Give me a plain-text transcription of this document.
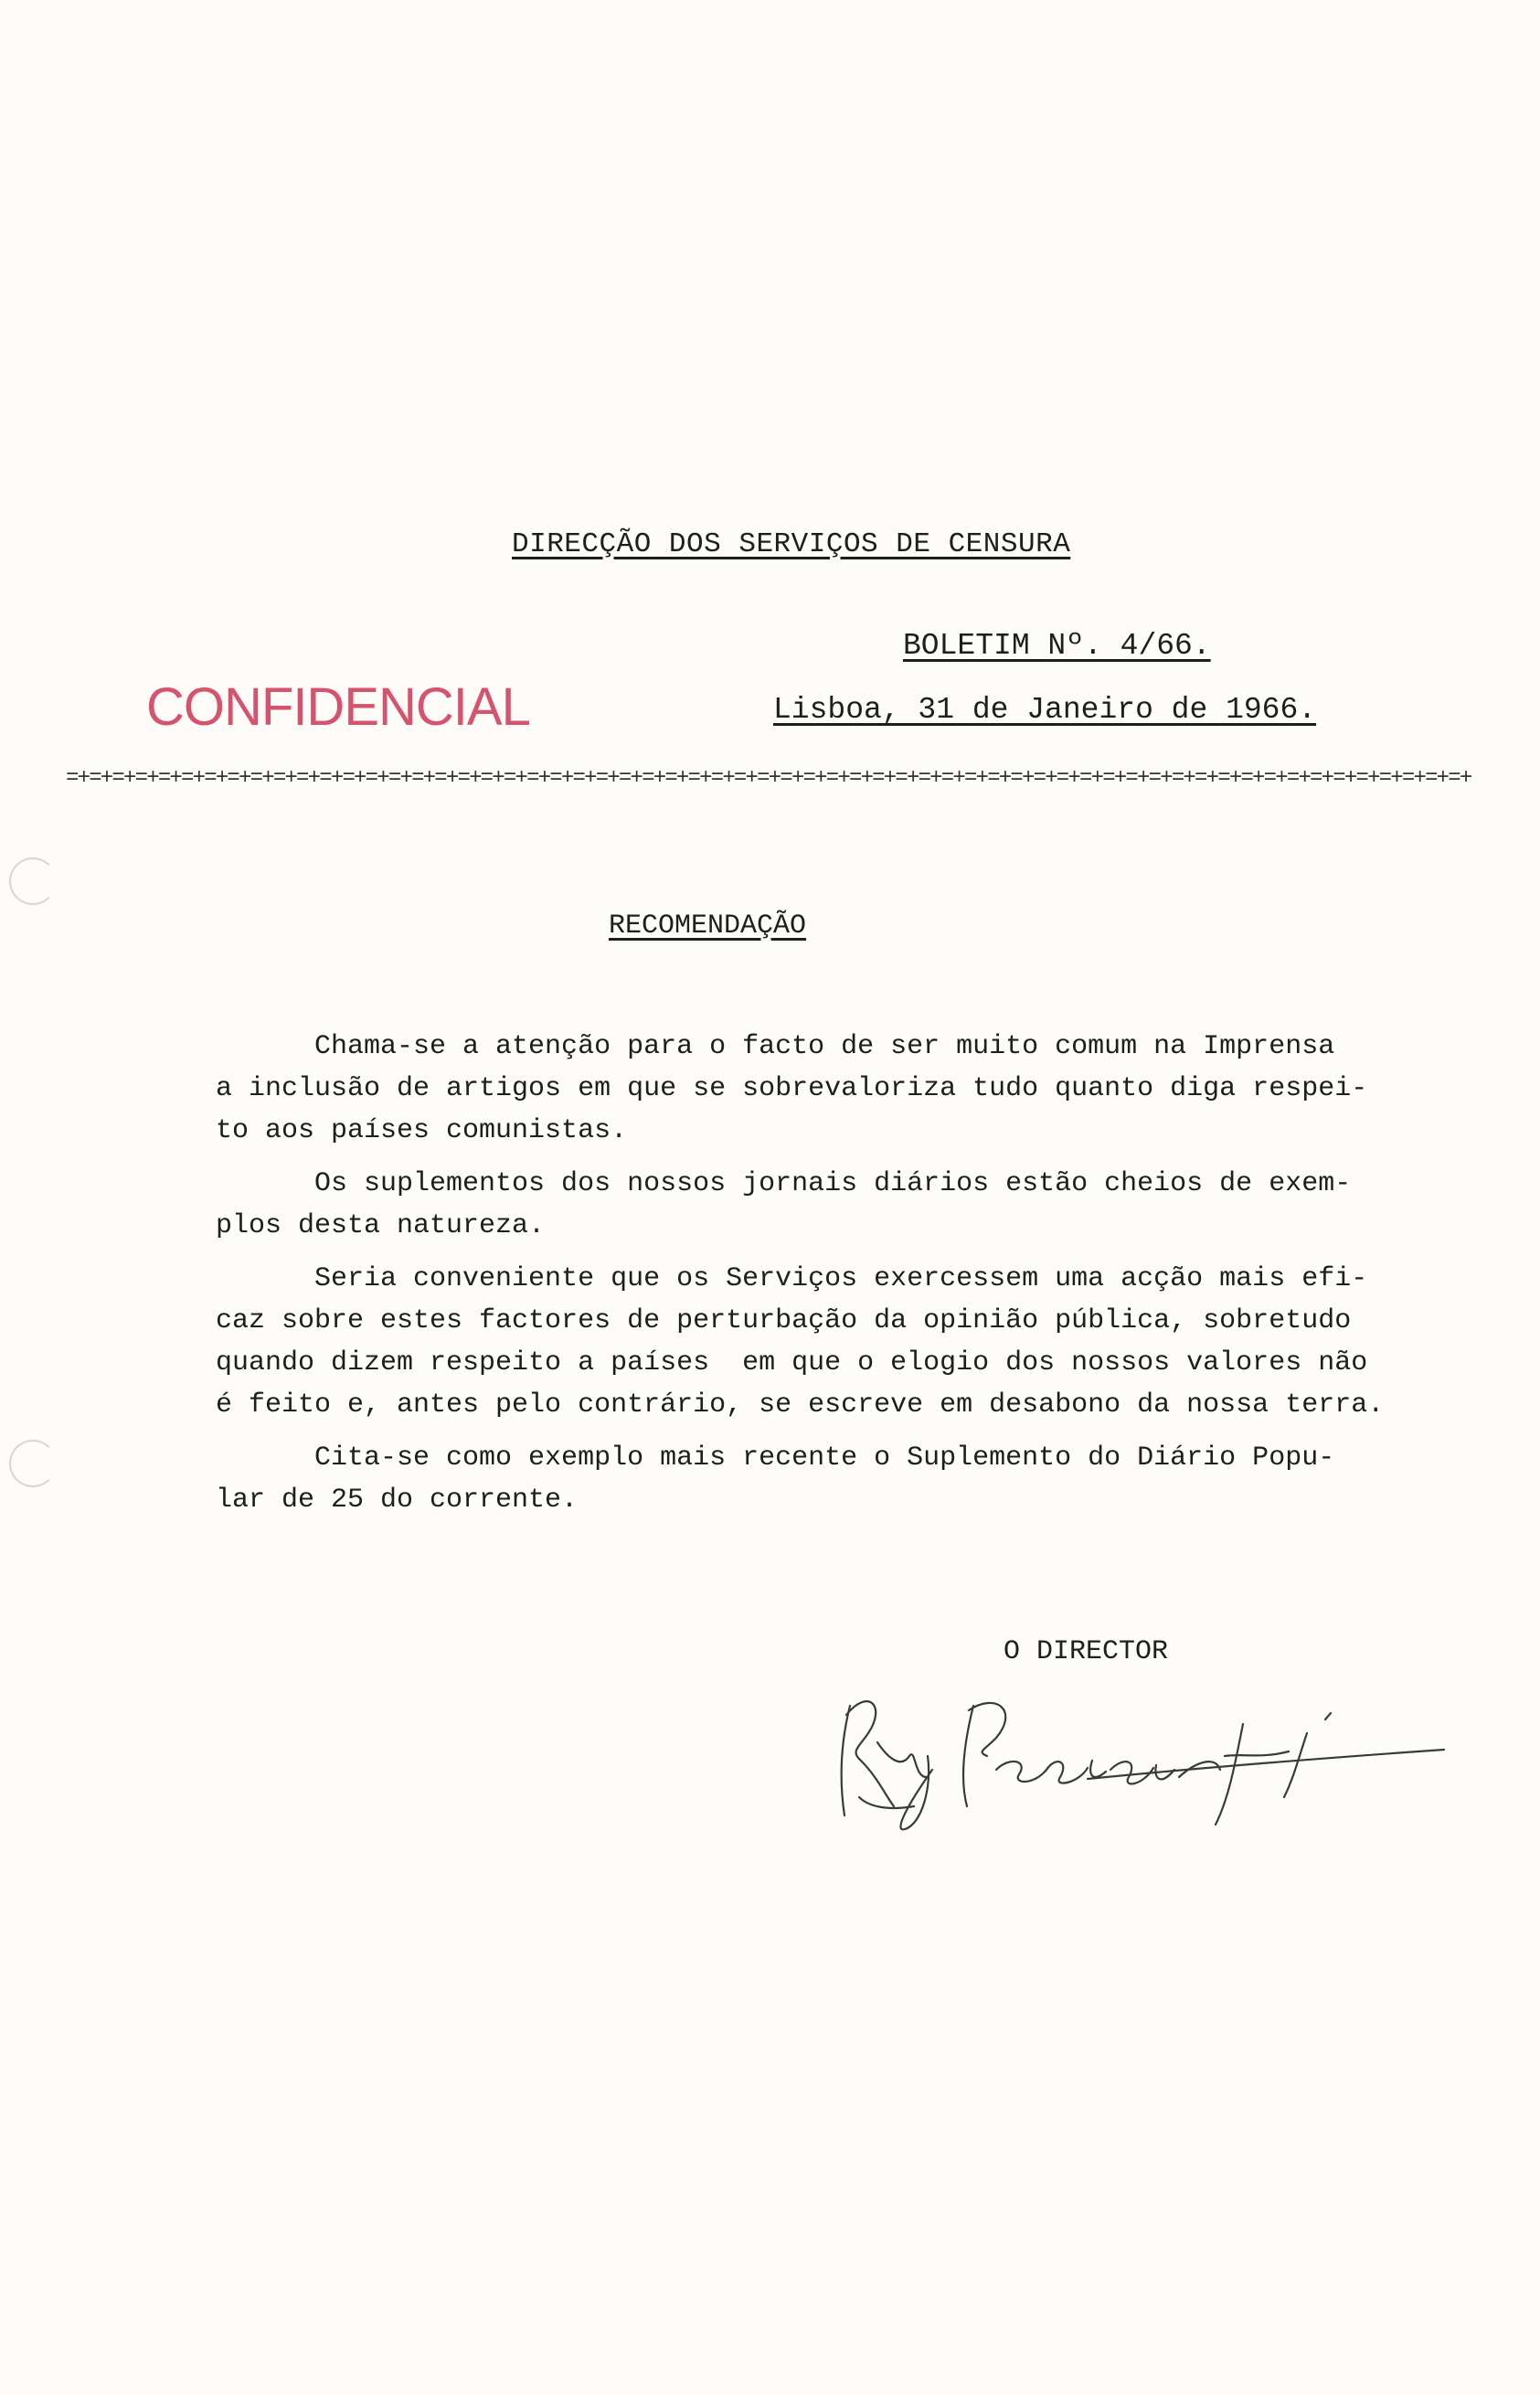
DIRECÇÃO DOS SERVIÇOS DE CENSURA
BOLETIM Nº. 4/66.
CONFIDENCIAL	Lisboa, 31 de Janeiro de 1966.
=+=+=+=+=+=+=+=+=+=+=+=+=+=+=+=+=+=+=+=+=+=+=+=+=+=+=+=+=+=+=+=+=+=+=+=+=+=+=+=+=+=+=+=+=+=+=+=+=+=+=+=+=+=+=+=+=+=+=+=+=+
RECOMENDAÇÃO

Chama-se a atenção para o facto de ser muito comum na Imprensa
a inclusão de artigos em que se sobrevaloriza tudo quanto diga respei-
to aos países comunistas.

Os suplementos dos nossos jornais diários estão cheios de exem-
plos desta natureza.

Seria conveniente que os Serviços exercessem uma acção mais efi-
caz sobre estes factores de perturbação da opinião pública, sobretudo
quando dizem respeito a países  em que o elogio dos nossos valores não
é feito e, antes pelo contrário, se escreve em desabono da nossa terra.

Cita-se como exemplo mais recente o Suplemento do Diário Popu-
lar de 25 do corrente.

O DIRECTOR
